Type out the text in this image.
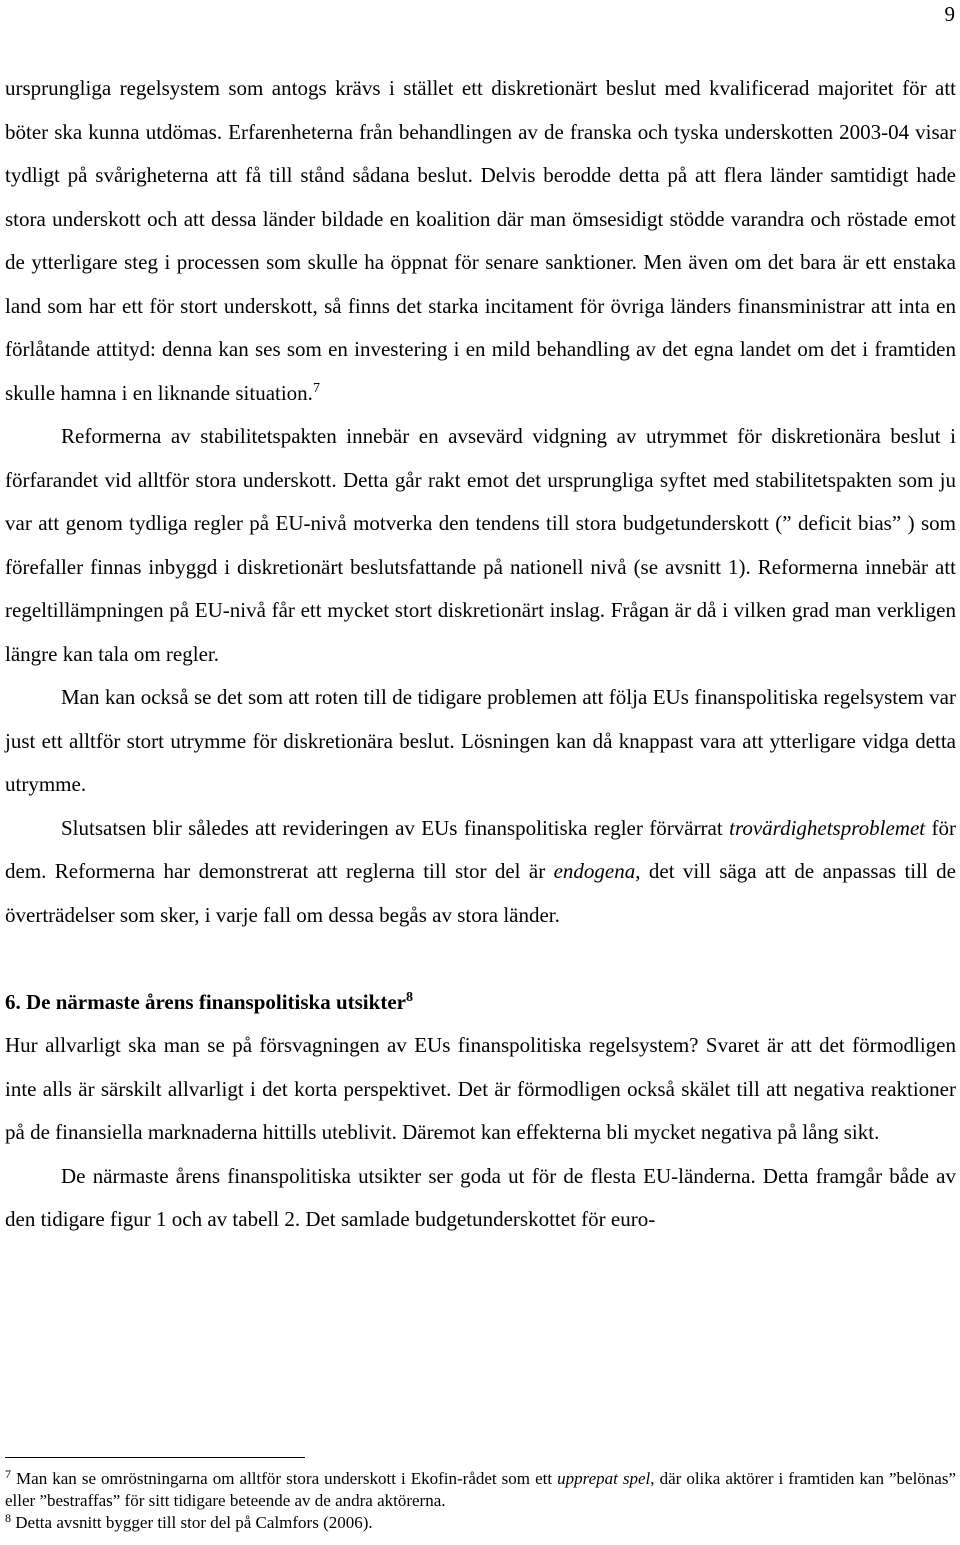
9

ursprungliga regelsystem som antogs krävs i stället ett diskretionärt beslut med kvalificerad majoritet för att böter ska kunna utdömas. Erfarenheterna från behandlingen av de franska och tyska underskotten 2003-04 visar tydligt på svårigheterna att få till stånd sådana beslut. Delvis berodde detta på att flera länder samtidigt hade stora underskott och att dessa länder bildade en koalition där man ömsesidigt stödde varandra och röstade emot de ytterligare steg i processen som skulle ha öppnat för senare sanktioner. Men även om det bara är ett enstaka land som har ett för stort underskott, så finns det starka incitament för övriga länders finansministrar att inta en förlåtande attityd: denna kan ses som en investering i en mild behandling av det egna landet om det i framtiden skulle hamna i en liknande situation.$^7$

Reformerna av stabilitetspakten innebär en avsevärd vidgning av utrymmet för diskretionära beslut i förfarandet vid alltför stora underskott. Detta går rakt emot det ursprungliga syftet med stabilitetspakten som ju var att genom tydliga regler på EU-nivå motverka den tendens till stora budgetunderskott (” deficit bias” ) som förefaller finnas inbyggd i diskretionärt beslutsfattande på nationell nivå (se avsnitt 1). Reformerna innebär att regeltillämpningen på EU-nivå får ett mycket stort diskretionärt inslag. Frågan är då i vilken grad man verkligen längre kan tala om regler.

Man kan också se det som att roten till de tidigare problemen att följa EUs finanspolitiska regelsystem var just ett alltför stort utrymme för diskretionära beslut. Lösningen kan då knappast vara att ytterligare vidga detta utrymme.

Slutsatsen blir således att revideringen av EUs finanspolitiska regler förvärrat trovärdighetsproblemet för dem. Reformerna har demonstrerat att reglerna till stor del är endogena, det vill säga att de anpassas till de överträdelser som sker, i varje fall om dessa begås av stora länder.

6. De närmaste årens finanspolitiska utsikter$^8$

Hur allvarligt ska man se på försvagningen av EUs finanspolitiska regelsystem? Svaret är att det förmodligen inte alls är särskilt allvarligt i det korta perspektivet. Det är förmodligen också skälet till att negativa reaktioner på de finansiella marknaderna hittills uteblivit. Däremot kan effekterna bli mycket negativa på lång sikt.

De närmaste årens finanspolitiska utsikter ser goda ut för de flesta EU-länderna. Detta framgår både av den tidigare figur 1 och av tabell 2. Det samlade budgetunderskottet för euro-

$^7$ Man kan se omröstningarna om alltför stora underskott i Ekofin-rådet som ett upprepat spel, där olika aktörer i framtiden kan ”belönas” eller ”bestraffas” för sitt tidigare beteende av de andra aktörerna.

$^8$ Detta avsnitt bygger till stor del på Calmfors (2006).
